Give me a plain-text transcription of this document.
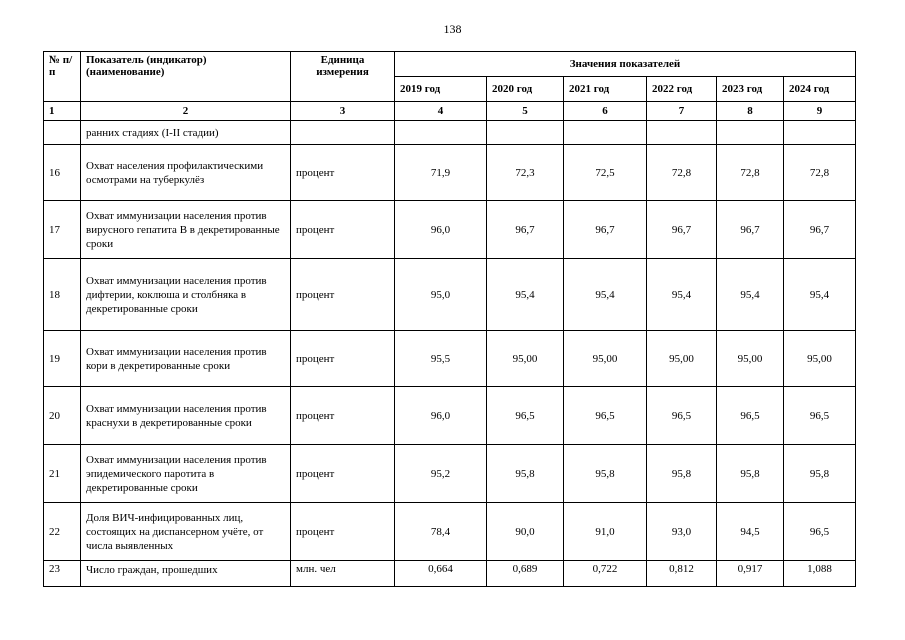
138
№ п/п	Показатель (индикатор) (наименование)	Единица измерения	Значения показателей					
			2019 год	2020 год	2021 год	2022 год	2023 год	2024 год
1	2	3	4	5	6	7	8	9
	ранних стадиях (I-II стадии)							
16	Охват населения профилактическими осмотрами на туберкулёз	процент	71,9	72,3	72,5	72,8	72,8	72,8
17	Охват иммунизации населения против вирусного гепатита В в декретированные сроки	процент	96,0	96,7	96,7	96,7	96,7	96,7
18	Охват иммунизации населения против дифтерии, коклюша и столбняка в декретированные сроки	процент	95,0	95,4	95,4	95,4	95,4	95,4
19	Охват иммунизации населения против кори в декретированные сроки	процент	95,5	95,00	95,00	95,00	95,00	95,00
20	Охват иммунизации населения против краснухи в декретированные сроки	процент	96,0	96,5	96,5	96,5	96,5	96,5
21	Охват иммунизации населения против эпидемического паротита в декретированные сроки	процент	95,2	95,8	95,8	95,8	95,8	95,8
22	Доля ВИЧ-инфицированных лиц, состоящих на диспансерном учёте, от числа выявленных	процент	78,4	90,0	91,0	93,0	94,5	96,5
23	Число граждан, прошедших	млн. чел	0,664	0,689	0,722	0,812	0,917	1,088
